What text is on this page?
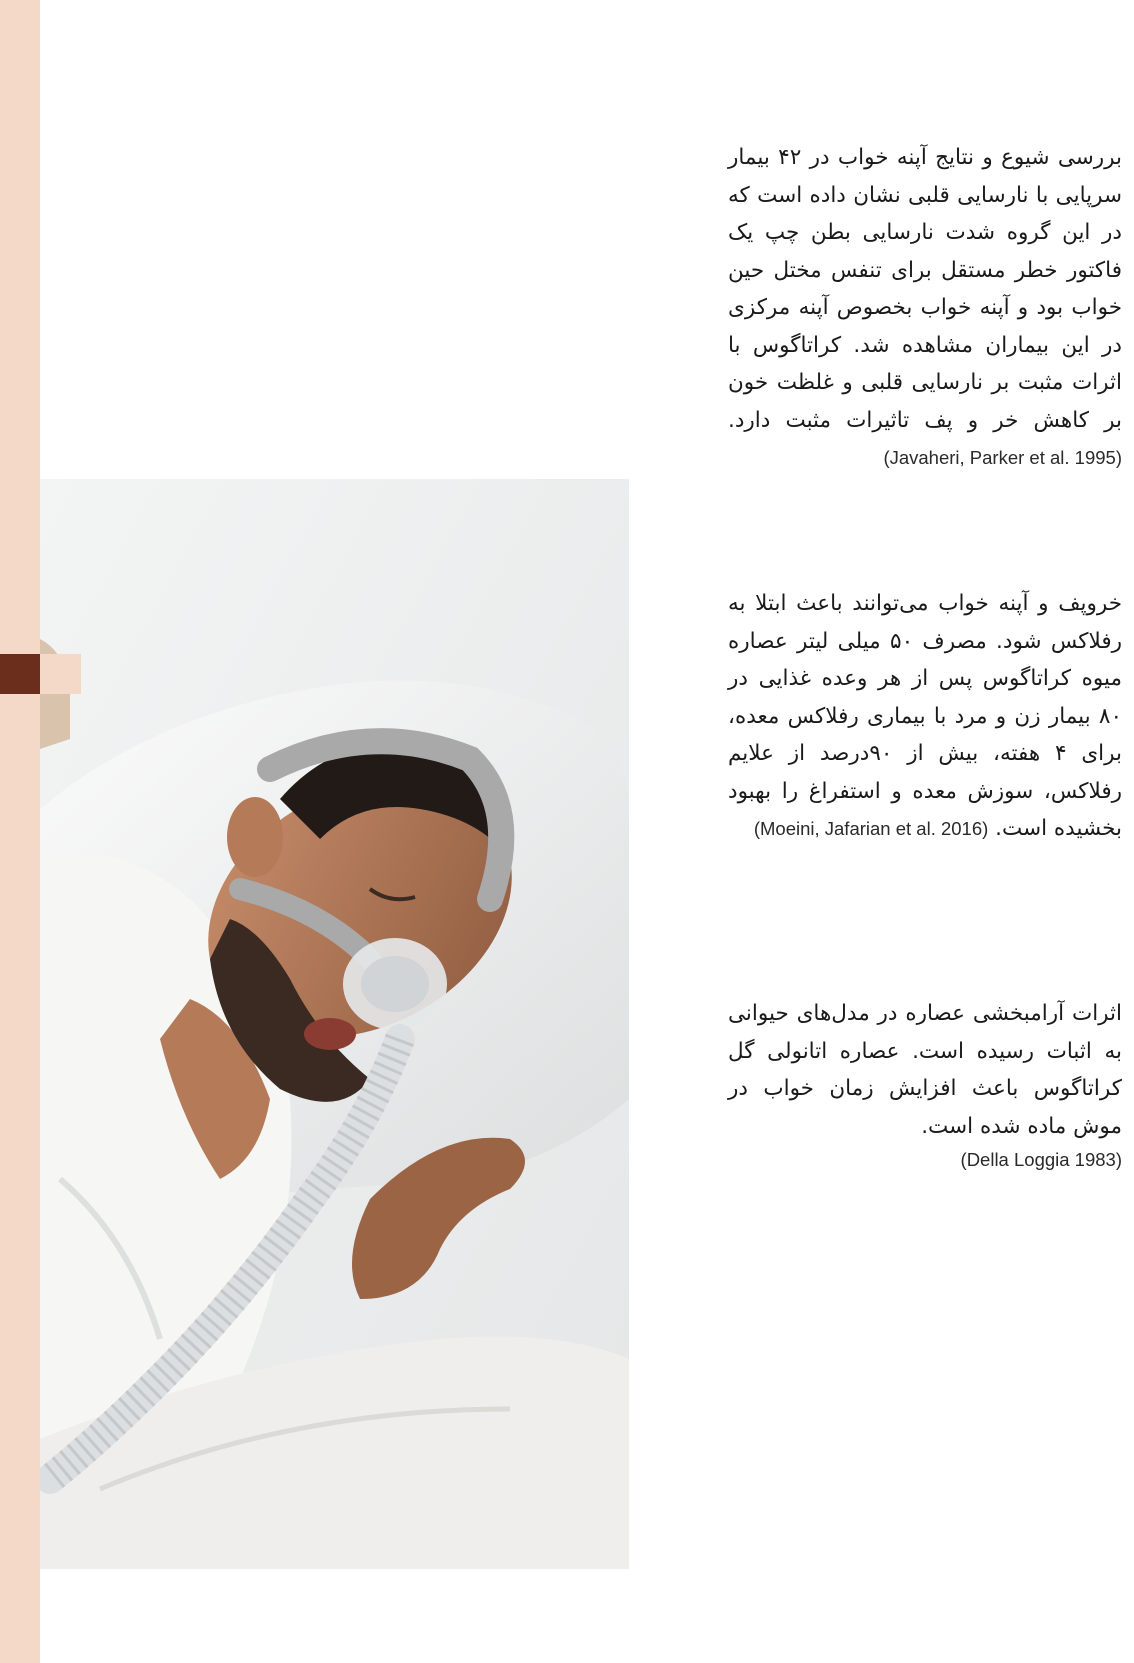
بررسی شیوع و نتایج آپنه خواب در ۴۲ بیمار سرپایی با نارسایی قلبی نشان داده است که در این گروه شدت نارسایی بطن چپ یک فاکتور خطر مستقل برای تنفس مختل حین خواب بود و آپنه خواب بخصوص آپنه مرکزی در این بیماران مشاهده شد. کراتاگوس با اثرات مثبت بر نارسایی قلبی و غلظت خون بر کاهش خر و پف تاثیرات مثبت دارد. (Javaheri, Parker et al. 1995)

خروپف و آپنه خواب می‌توانند باعث ابتلا به رفلاکس شود. مصرف ۵۰ میلی لیتر عصاره میوه کراتاگوس پس از هر وعده غذایی در ۸۰ بیمار زن و مرد با بیماری رفلاکس معده، برای ۴ هفته، بیش از ۹۰درصد از علایم رفلاکس، سوزش معده و استفراغ را بهبود بخشیده است. (Moeini, Jafarian et al. 2016)

اثرات آرامبخشی عصاره در مدل‌های حیوانی به اثبات رسیده است. عصاره اتانولی گل کراتاگوس باعث افزایش زمان خواب در موش ماده شده است.
(Della Loggia 1983)
